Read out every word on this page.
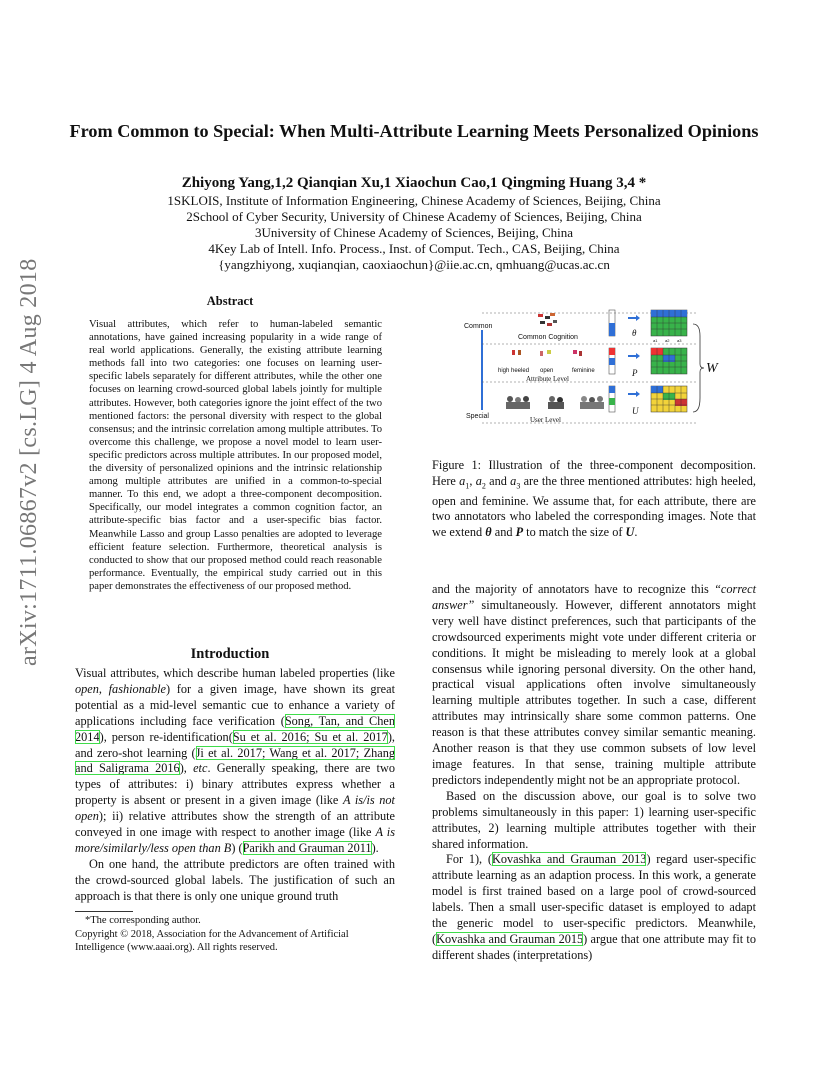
arXiv:1711.06867v2 [cs.LG] 4 Aug 2018
From Common to Special: When Multi-Attribute Learning Meets Personalized Opinions
Zhiyong Yang,1,2 Qianqian Xu,1 Xiaochun Cao,1 Qingming Huang 3,4 *
1SKLOIS, Institute of Information Engineering, Chinese Academy of Sciences, Beijing, China
2School of Cyber Security, University of Chinese Academy of Sciences, Beijing, China
3University of Chinese Academy of Sciences, Beijing, China
4Key Lab of Intell. Info. Process., Inst. of Comput. Tech., CAS, Beijing, China
{yangzhiyong, xuqianqian, caoxiaochun}@iie.ac.cn, qmhuang@ucas.ac.cn
Abstract
Visual attributes, which refer to human-labeled semantic annotations, have gained increasing popularity in a wide range of real world applications. Generally, the existing attribute learning methods fall into two categories: one focuses on learning user-specific labels separately for different attributes, while the other one focuses on learning crowd-sourced global labels jointly for multiple attributes. However, both categories ignore the joint effect of the two mentioned factors: the personal diversity with respect to the global consensus; and the intrinsic correlation among multiple attributes. To overcome this challenge, we propose a novel model to learn user-specific predictors across multiple attributes. In our proposed model, the diversity of personalized opinions and the intrinsic relationship among multiple attributes are unified in a common-to-special manner. To this end, we adopt a three-component decomposition. Specifically, our model integrates a common cognition factor, an attribute-specific bias factor and a user-specific bias factor. Meanwhile Lasso and group Lasso penalties are adopted to leverage efficient feature selection. Furthermore, theoretical analysis is conducted to show that our proposed method could reach reasonable performance. Eventually, the empirical study carried out in this paper demonstrates the effectiveness of our proposed method.
Introduction

Visual attributes, which describe human labeled properties (like open, fashionable) for a given image, have shown its great potential as a mid-level semantic cue to enhance a variety of applications including face verification (Song, Tan, and Chen 2014), person re-identification(Su et al. 2016; Su et al. 2017), and zero-shot learning (Ji et al. 2017; Wang et al. 2017; Zhang and Saligrama 2016), etc. Generally speaking, there are two types of attributes: i) binary attributes express whether a property is absent or present in a given image (like A is/is not open); ii) relative attributes show the strength of an attribute conveyed in one image with respect to another image (like A is more/similarly/less open than B) (Parikh and Grauman 2011).

On one hand, the attribute predictors are often trained with the crowd-sourced global labels. The justification of such an approach is that there is only one unique ground truth

*The corresponding author.
Copyright © 2018, Association for the Advancement of Artificial Intelligence (www.aaai.org). All rights reserved.
Common
Special
Common Cognition
high heeled open	feminine
Attribute Level
User Level
θ
P
U
W
a1 a2 a3
Figure 1: Illustration of the three-component decomposition. Here $a_1$, $a_2$ and $a_3$ are the three mentioned attributes: high heeled, open and feminine. We assume that, for each attribute, there are two annotators who labeled the corresponding images. Note that we extend θ and P to match the size of U.

and the majority of annotators have to recognize this “correct answer” simultaneously. However, different annotators might very well have distinct preferences, such that participants of the crowdsourced experiments might vote under different criteria or conditions. It might be misleading to merely look at a global consensus while ignoring personal diversity. On the other hand, practical visual applications often involve simultaneously learning multiple attributes together. In such a case, different attributes may intrinsically share some common patterns. One reason is that these attributes convey similar semantic meaning. Another reason is that they use common subsets of low level image features. In that sense, training multiple attribute predictors independently might not be an appropriate protocol.

Based on the discussion above, our goal is to solve two problems simultaneously in this paper: 1) learning user-specific attributes, 2) learning multiple attributes together with their shared information.

For 1), (Kovashka and Grauman 2013) regard user-specific attribute learning as an adaption process. In this work, a generate model is first trained based on a large pool of crowd-sourced labels. Then a small user-specific dataset is employed to adapt the generic model to user-specific predictors. Meanwhile, (Kovashka and Grauman 2015) argue that one attribute may fit to different shades (interpretations)
